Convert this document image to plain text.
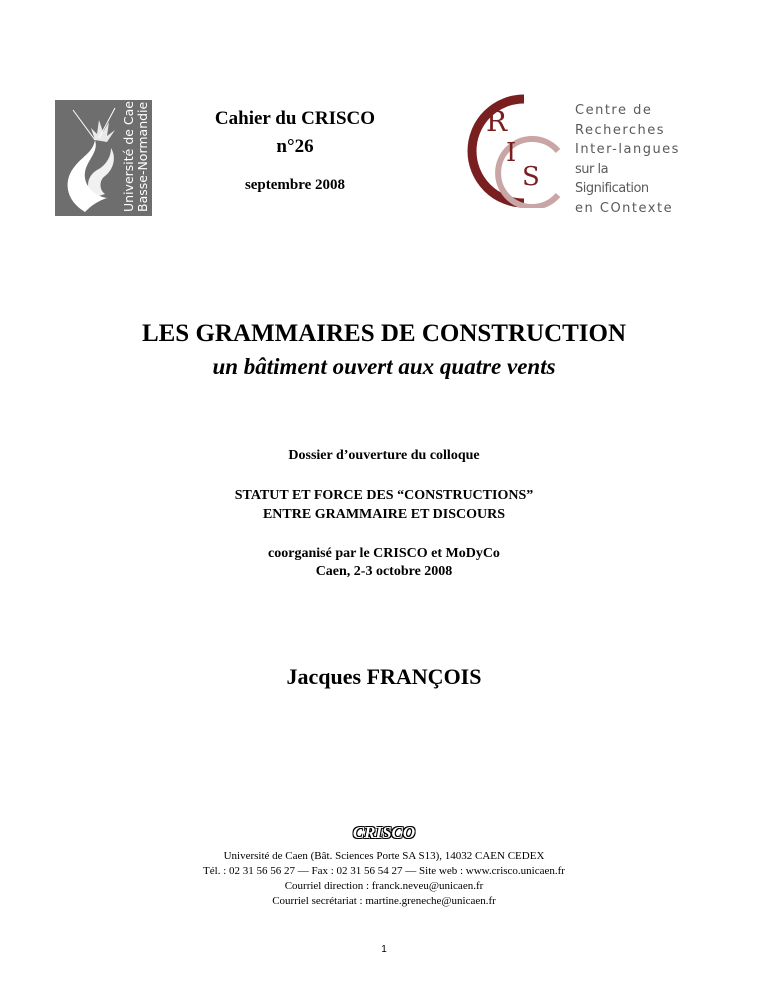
Université de Caen Basse-Normandie	Cahier du CRISCO
n°26
septembre 2008
R
I
S
Centre de
Recherches
Inter-langues
sur la Signification
en COntexte
LES GRAMMAIRES DE CONSTRUCTION
un bâtiment ouvert aux quatre vents
Dossier d’ouverture du colloque
STATUT ET FORCE DES “CONSTRUCTIONS”
ENTRE GRAMMAIRE ET DISCOURS
coorganisé par le CRISCO et MoDyCo
Caen, 2-3 octobre 2008
Jacques FRANÇOIS
CRISCO
Université de Caen (Bât. Sciences Porte SA S13), 14032 CAEN CEDEX
Tél. : 02 31 56 56 27 — Fax : 02 31 56 54 27 — Site web : www.crisco.unicaen.fr
Courriel direction : franck.neveu@unicaen.fr
Courriel secrétariat : martine.greneche@unicaen.fr
1
